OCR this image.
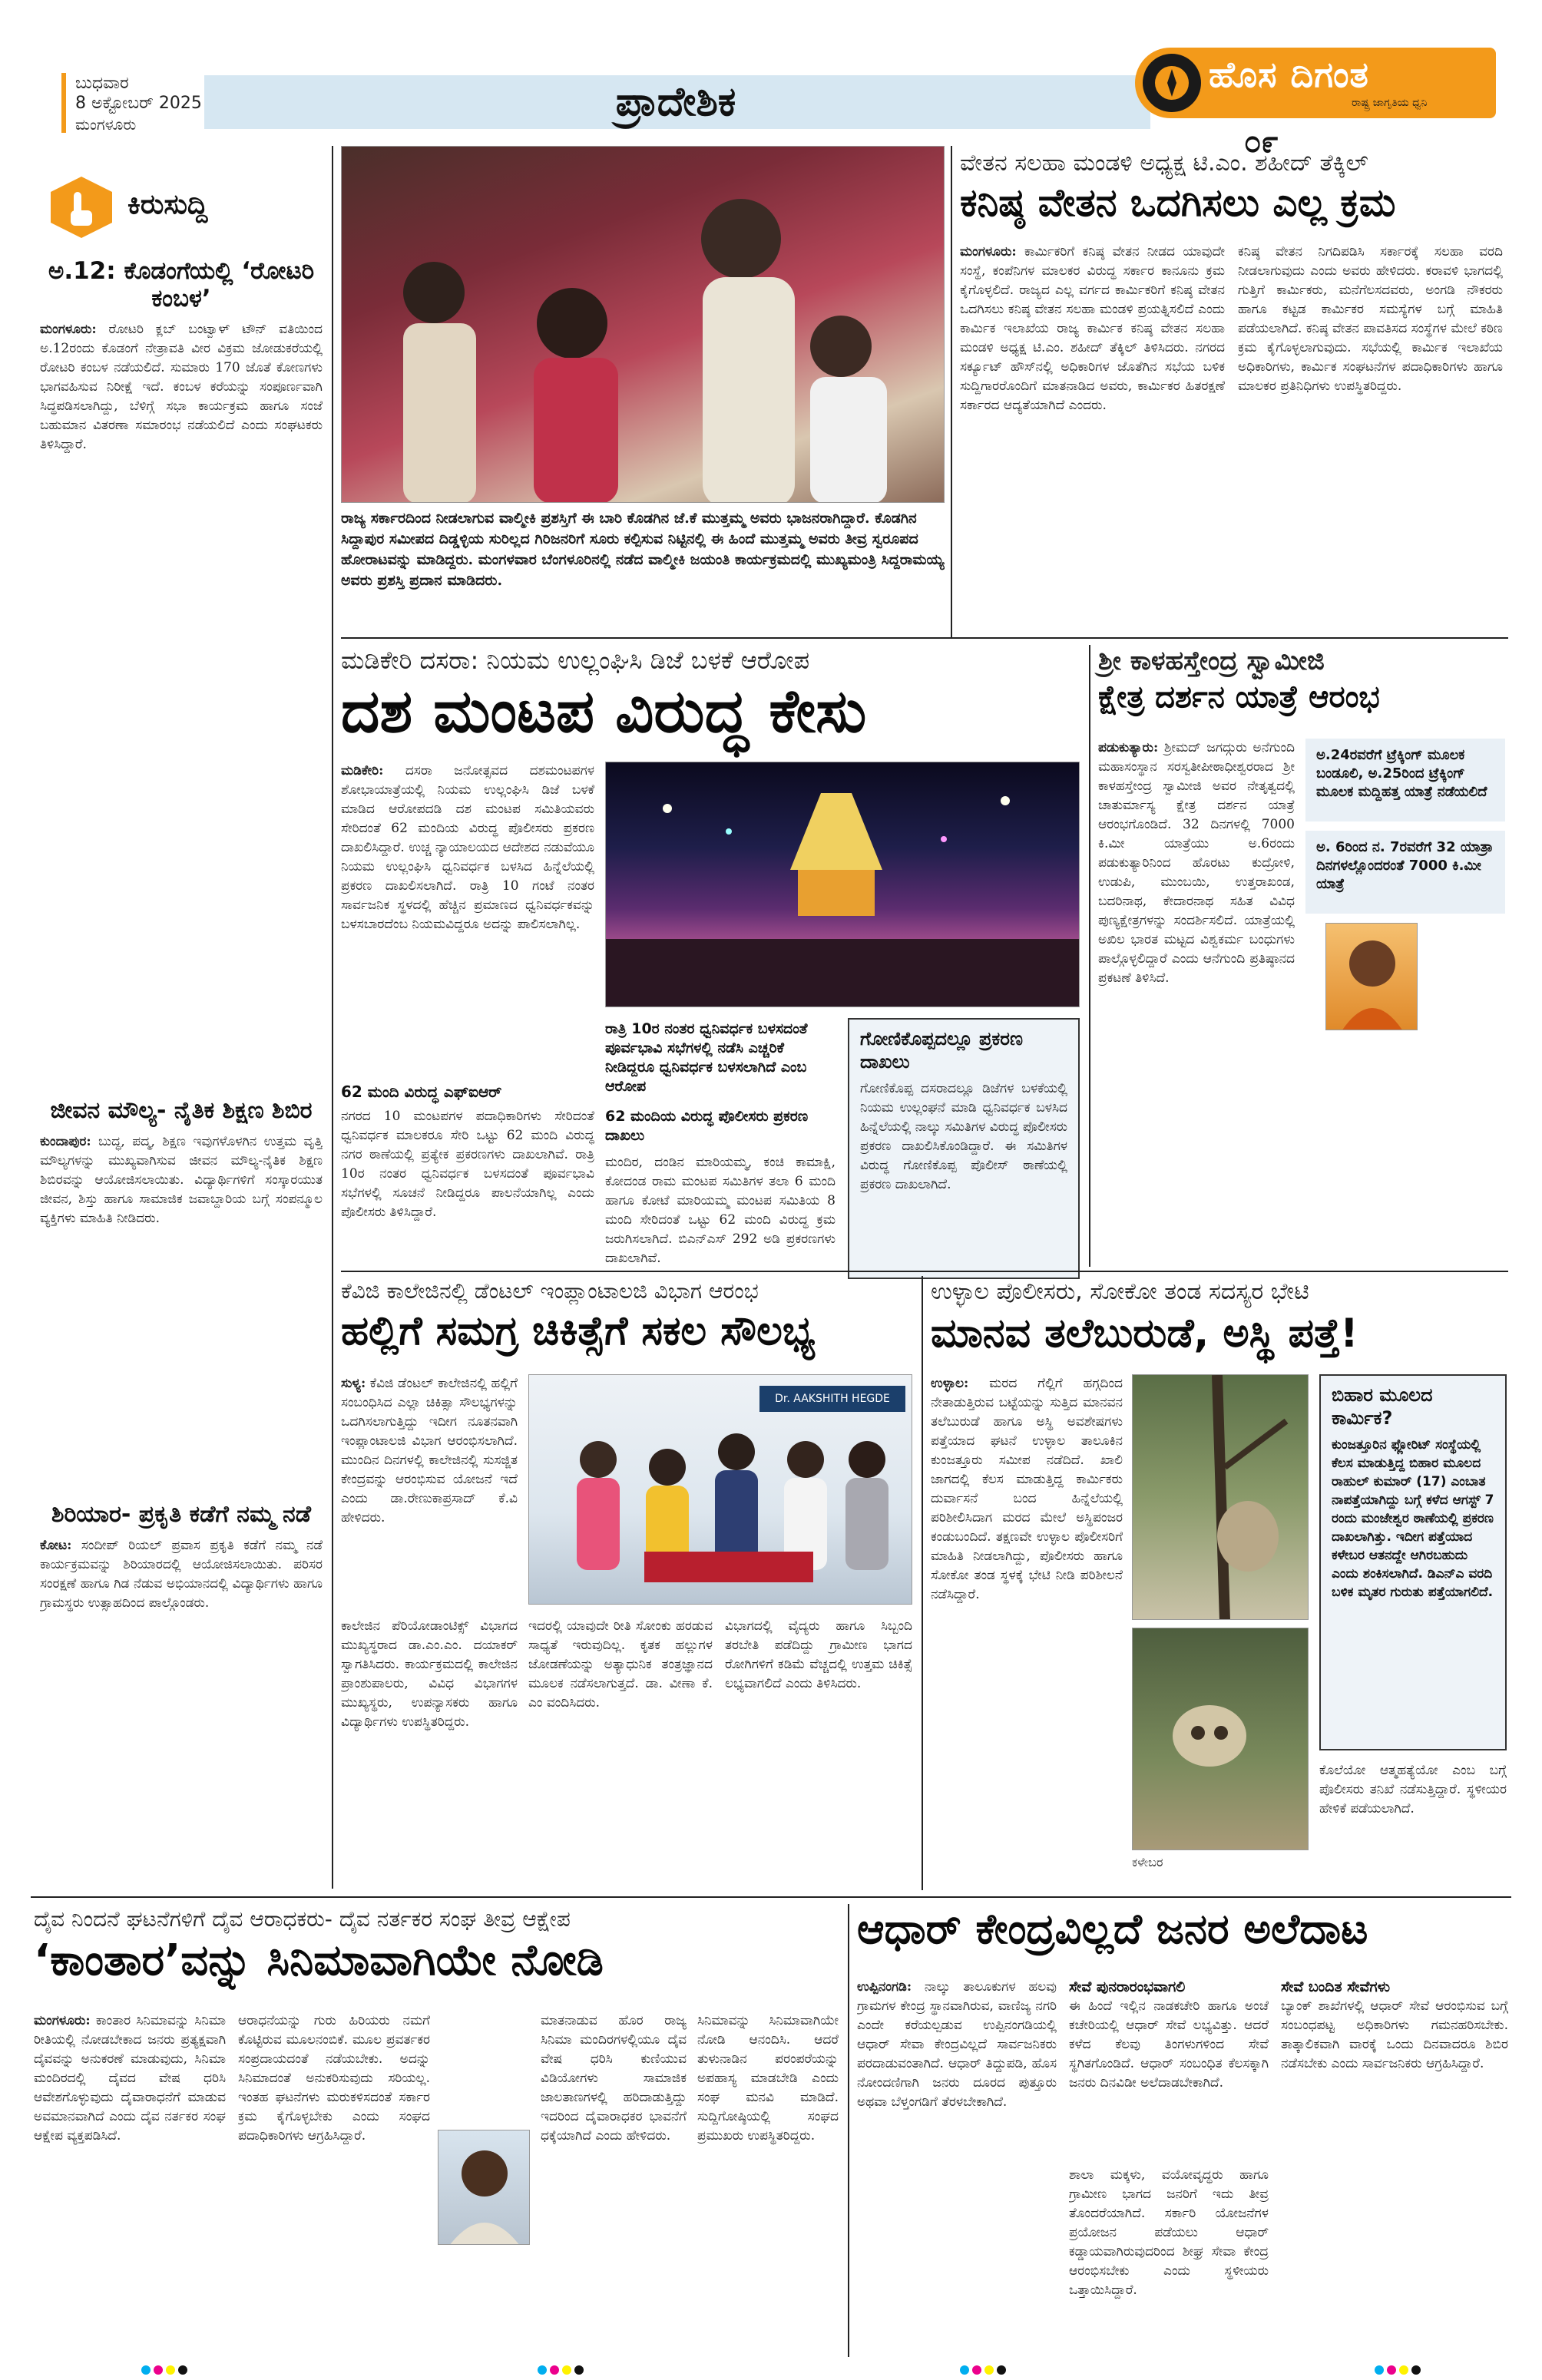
ಬುಧವಾರ
8 ಅಕ್ಟೋಬರ್ 2025
ಮಂಗಳೂರು	ಪ್ರಾದೇಶಿಕ
ಹೊಸ ದಿಗಂತ
ರಾಷ್ಟ್ರ ಜಾಗೃತಿಯ ಧ್ವನಿ
೦೯
ಕಿರುಸುದ್ದಿ
ಅ.12: ಕೊಡಂಗೆಯಲ್ಲಿ ‘ರೋಟರಿ ಕಂಬಳ’
ಮಂಗಳೂರು: ರೋಟರಿ ಕ್ಲಬ್ ಬಂಟ್ವಾಳ್ ಟೌನ್ ವತಿಯಿಂದ ಅ.12ರಂದು ಕೊಡಂಗೆ ನೇತ್ರಾವತಿ ವೀರ ವಿಕ್ರಮ ಜೋಡುಕರೆಯಲ್ಲಿ ರೋಟರಿ ಕಂಬಳ ನಡೆಯಲಿದೆ. ಸುಮಾರು 170 ಜೊತೆ ಕೋಣಗಳು ಭಾಗವಹಿಸುವ ನಿರೀಕ್ಷೆ ಇದೆ. ಕಂಬಳ ಕರೆಯನ್ನು ಸಂಪೂರ್ಣವಾಗಿ ಸಿದ್ಧಪಡಿಸಲಾಗಿದ್ದು, ಬೆಳಿಗ್ಗೆ ಸಭಾ ಕಾರ್ಯಕ್ರಮ ಹಾಗೂ ಸಂಜೆ ಬಹುಮಾನ ವಿತರಣಾ ಸಮಾರಂಭ ನಡೆಯಲಿದೆ ಎಂದು ಸಂಘಟಕರು ತಿಳಿಸಿದ್ದಾರೆ.
ಜೀವನ ಮೌಲ್ಯ- ನೈತಿಕ ಶಿಕ್ಷಣ ಶಿಬಿರ
ಕುಂದಾಪುರ: ಬುದ್ಧ, ಪದ್ಮ, ಶಿಕ್ಷಣ ಇವುಗಳೊಳಗಿನ ಉತ್ತಮ ವೃತ್ತಿ ಮೌಲ್ಯಗಳನ್ನು ಮುಖ್ಯವಾಗಿಸುವ ಜೀವನ ಮೌಲ್ಯ-ನೈತಿಕ ಶಿಕ್ಷಣ ಶಿಬಿರವನ್ನು ಆಯೋಜಿಸಲಾಯಿತು. ವಿದ್ಯಾರ್ಥಿಗಳಿಗೆ ಸಂಸ್ಕಾರಯುತ ಜೀವನ, ಶಿಸ್ತು ಹಾಗೂ ಸಾಮಾಜಿಕ ಜವಾಬ್ದಾರಿಯ ಬಗ್ಗೆ ಸಂಪನ್ಮೂಲ ವ್ಯಕ್ತಿಗಳು ಮಾಹಿತಿ ನೀಡಿದರು.
ಶಿರಿಯಾರ- ಪ್ರಕೃತಿ ಕಡೆಗೆ ನಮ್ಮ ನಡೆ
ಕೋಟ: ಸಂದೀಪ್ ರಿಯಲ್ ಪ್ರವಾಸ ಪ್ರಕೃತಿ ಕಡೆಗೆ ನಮ್ಮ ನಡೆ ಕಾರ್ಯಕ್ರಮವನ್ನು ಶಿರಿಯಾರದಲ್ಲಿ ಆಯೋಜಿಸಲಾಯಿತು. ಪರಿಸರ ಸಂರಕ್ಷಣೆ ಹಾಗೂ ಗಿಡ ನೆಡುವ ಅಭಿಯಾನದಲ್ಲಿ ವಿದ್ಯಾರ್ಥಿಗಳು ಹಾಗೂ ಗ್ರಾಮಸ್ಥರು ಉತ್ಸಾಹದಿಂದ ಪಾಲ್ಗೊಂಡರು.
ರಾಜ್ಯ ಸರ್ಕಾರದಿಂದ ನೀಡಲಾಗುವ ವಾಲ್ಮೀಕಿ ಪ್ರಶಸ್ತಿಗೆ ಈ ಬಾರಿ ಕೊಡಗಿನ ಜೆ.ಕೆ ಮುತ್ತಮ್ಮ ಅವರು ಭಾಜನರಾಗಿದ್ದಾರೆ. ಕೊಡಗಿನ ಸಿದ್ದಾಪುರ ಸಮೀಪದ ದಿಡ್ಡಳ್ಳಿಯ ಸುರಿಲ್ಲದ ಗಿರಿಜನರಿಗೆ ಸೂರು ಕಲ್ಪಿಸುವ ನಿಟ್ಟಿನಲ್ಲಿ ಈ ಹಿಂದೆ ಮುತ್ತಮ್ಮ ಅವರು ತೀವ್ರ ಸ್ವರೂಪದ ಹೋರಾಟವನ್ನು ಮಾಡಿದ್ದರು. ಮಂಗಳವಾರ ಬೆಂಗಳೂರಿನಲ್ಲಿ ನಡೆದ ವಾಲ್ಮೀಕಿ ಜಯಂತಿ ಕಾರ್ಯಕ್ರಮದಲ್ಲಿ ಮುಖ್ಯಮಂತ್ರಿ ಸಿದ್ದರಾಮಯ್ಯ ಅವರು ಪ್ರಶಸ್ತಿ ಪ್ರದಾನ ಮಾಡಿದರು.
ವೇತನ ಸಲಹಾ ಮಂಡಳಿ ಅಧ್ಯಕ್ಷ ಟಿ.ಎಂ. ಶಹೀದ್ ತೆಕ್ಕಿಲ್
ಕನಿಷ್ಠ ವೇತನ ಒದಗಿಸಲು ಎಲ್ಲ ಕ್ರಮ
ಮಂಗಳೂರು: ಕಾರ್ಮಿಕರಿಗೆ ಕನಿಷ್ಠ ವೇತನ ನೀಡದ ಯಾವುದೇ ಸಂಸ್ಥೆ, ಕಂಪೆನಿಗಳ ಮಾಲಕರ ವಿರುದ್ಧ ಸರ್ಕಾರ ಕಾನೂನು ಕ್ರಮ ಕೈಗೊಳ್ಳಲಿದೆ. ರಾಜ್ಯದ ಎಲ್ಲ ವರ್ಗದ ಕಾರ್ಮಿಕರಿಗೆ ಕನಿಷ್ಠ ವೇತನ ಒದಗಿಸಲು ಕನಿಷ್ಠ ವೇತನ ಸಲಹಾ ಮಂಡಳಿ ಪ್ರಯತ್ನಿಸಲಿದೆ ಎಂದು ಕಾರ್ಮಿಕ ಇಲಾಖೆಯ ರಾಜ್ಯ ಕಾರ್ಮಿಕ ಕನಿಷ್ಠ ವೇತನ ಸಲಹಾ ಮಂಡಳಿ ಅಧ್ಯಕ್ಷ ಟಿ.ಎಂ. ಶಹೀದ್ ತೆಕ್ಕಿಲ್ ತಿಳಿಸಿದರು. ನಗರದ ಸರ್ಕ್ಯೂಟ್ ಹೌಸ್‌ನಲ್ಲಿ ಅಧಿಕಾರಿಗಳ ಜೊತೆಗಿನ ಸಭೆಯ ಬಳಿಕ ಸುದ್ದಿಗಾರರೊಂದಿಗೆ ಮಾತನಾಡಿದ ಅವರು, ಕಾರ್ಮಿಕರ ಹಿತರಕ್ಷಣೆ ಸರ್ಕಾರದ ಆದ್ಯತೆಯಾಗಿದೆ ಎಂದರು.
ಕನಿಷ್ಠ ವೇತನ ನಿಗದಿಪಡಿಸಿ ಸರ್ಕಾರಕ್ಕೆ ಸಲಹಾ ವರದಿ ನೀಡಲಾಗುವುದು ಎಂದು ಅವರು ಹೇಳಿದರು. ಕರಾವಳಿ ಭಾಗದಲ್ಲಿ ಗುತ್ತಿಗೆ ಕಾರ್ಮಿಕರು, ಮನೆಗೆಲಸದವರು, ಅಂಗಡಿ ನೌಕರರು ಹಾಗೂ ಕಟ್ಟಡ ಕಾರ್ಮಿಕರ ಸಮಸ್ಯೆಗಳ ಬಗ್ಗೆ ಮಾಹಿತಿ ಪಡೆಯಲಾಗಿದೆ. ಕನಿಷ್ಠ ವೇತನ ಪಾವತಿಸದ ಸಂಸ್ಥೆಗಳ ಮೇಲೆ ಕಠಿಣ ಕ್ರಮ ಕೈಗೊಳ್ಳಲಾಗುವುದು. ಸಭೆಯಲ್ಲಿ ಕಾರ್ಮಿಕ ಇಲಾಖೆಯ ಅಧಿಕಾರಿಗಳು, ಕಾರ್ಮಿಕ ಸಂಘಟನೆಗಳ ಪದಾಧಿಕಾರಿಗಳು ಹಾಗೂ ಮಾಲಕರ ಪ್ರತಿನಿಧಿಗಳು ಉಪಸ್ಥಿತರಿದ್ದರು.
ಮಡಿಕೇರಿ ದಸರಾ: ನಿಯಮ ಉಲ್ಲಂಘಿಸಿ ಡಿಜೆ ಬಳಕೆ ಆರೋಪ
ದಶ ಮಂಟಪ ವಿರುದ್ಧ ಕೇಸು
ಮಡಿಕೇರಿ: ದಸರಾ ಜನೋತ್ಸವದ ದಶಮಂಟಪಗಳ ಶೋಭಾಯಾತ್ರೆಯಲ್ಲಿ ನಿಯಮ ಉಲ್ಲಂಘಿಸಿ ಡಿಜೆ ಬಳಕೆ ಮಾಡಿದ ಆರೋಪದಡಿ ದಶ ಮಂಟಪ ಸಮಿತಿಯವರು ಸೇರಿದಂತೆ 62 ಮಂದಿಯ ವಿರುದ್ಧ ಪೊಲೀಸರು ಪ್ರಕರಣ ದಾಖಲಿಸಿದ್ದಾರೆ. ಉಚ್ಚ ನ್ಯಾಯಾಲಯದ ಆದೇಶದ ನಡುವೆಯೂ ನಿಯಮ ಉಲ್ಲಂಘಿಸಿ ಧ್ವನಿವರ್ಧಕ ಬಳಸಿದ ಹಿನ್ನೆಲೆಯಲ್ಲಿ ಪ್ರಕರಣ ದಾಖಲಿಸಲಾಗಿದೆ. ರಾತ್ರಿ 10 ಗಂಟೆ ನಂತರ ಸಾರ್ವಜನಿಕ ಸ್ಥಳದಲ್ಲಿ ಹೆಚ್ಚಿನ ಪ್ರಮಾಣದ ಧ್ವನಿವರ್ಧಕವನ್ನು ಬಳಸಬಾರದೆಂಬ ನಿಯಮವಿದ್ದರೂ ಅದನ್ನು ಪಾಲಿಸಲಾಗಿಲ್ಲ.
62 ಮಂದಿ ವಿರುದ್ಧ ಎಫ್‌ಐಆರ್
ನಗರದ 10 ಮಂಟಪಗಳ ಪದಾಧಿಕಾರಿಗಳು ಸೇರಿದಂತೆ ಧ್ವನಿವರ್ಧಕ ಮಾಲಕರೂ ಸೇರಿ ಒಟ್ಟು 62 ಮಂದಿ ವಿರುದ್ಧ ನಗರ ಠಾಣೆಯಲ್ಲಿ ಪ್ರತ್ಯೇಕ ಪ್ರಕರಣಗಳು ದಾಖಲಾಗಿವೆ. ರಾತ್ರಿ 10ರ ನಂತರ ಧ್ವನಿವರ್ಧಕ ಬಳಸದಂತೆ ಪೂರ್ವಭಾವಿ ಸಭೆಗಳಲ್ಲಿ ಸೂಚನೆ ನೀಡಿದ್ದರೂ ಪಾಲನೆಯಾಗಿಲ್ಲ ಎಂದು ಪೊಲೀಸರು ತಿಳಿಸಿದ್ದಾರೆ.
ರಾತ್ರಿ 10ರ ನಂತರ ಧ್ವನಿವರ್ಧಕ ಬಳಸದಂತೆ ಪೂರ್ವಭಾವಿ ಸಭೆಗಳಲ್ಲಿ ನಡೆಸಿ ಎಚ್ಚರಿಕೆ ನೀಡಿದ್ದರೂ ಧ್ವನಿವರ್ಧಕ ಬಳಸಲಾಗಿದೆ ಎಂಬ ಆರೋಪ
62 ಮಂದಿಯ ವಿರುದ್ಧ ಪೊಲೀಸರು ಪ್ರಕರಣ ದಾಖಲು
ಗೋಣಿಕೊಪ್ಪದಲ್ಲೂ ಪ್ರಕರಣ ದಾಖಲು
ಗೋಣಿಕೊಪ್ಪ ದಸರಾದಲ್ಲೂ ಡಿಜೆಗಳ ಬಳಕೆಯಲ್ಲಿ ನಿಯಮ ಉಲ್ಲಂಘನೆ ಮಾಡಿ ಧ್ವನಿವರ್ಧಕ ಬಳಸಿದ ಹಿನ್ನೆಲೆಯಲ್ಲಿ ನಾಲ್ಕು ಸಮಿತಿಗಳ ವಿರುದ್ಧ ಪೊಲೀಸರು ಪ್ರಕರಣ ದಾಖಲಿಸಿಕೊಂಡಿದ್ದಾರೆ. ಈ ಸಮಿತಿಗಳ ವಿರುದ್ಧ ಗೋಣಿಕೊಪ್ಪ ಪೊಲೀಸ್ ಠಾಣೆಯಲ್ಲಿ ಪ್ರಕರಣ ದಾಖಲಾಗಿದೆ.
ಮಂದಿರ, ದಂಡಿನ ಮಾರಿಯಮ್ಮ, ಕಂಚಿ ಕಾಮಾಕ್ಷಿ, ಕೋದಂಡ ರಾಮ ಮಂಟಪ ಸಮಿತಿಗಳ ತಲಾ 6 ಮಂದಿ ಹಾಗೂ ಕೋಟೆ ಮಾರಿಯಮ್ಮ ಮಂಟಪ ಸಮಿತಿಯ 8 ಮಂದಿ ಸೇರಿದಂತೆ ಒಟ್ಟು 62 ಮಂದಿ ವಿರುದ್ಧ ಕ್ರಮ ಜರುಗಿಸಲಾಗಿದೆ. ಬಿಎನ್‌ಎಸ್ 292 ಅಡಿ ಪ್ರಕರಣಗಳು ದಾಖಲಾಗಿವೆ.
ಶ್ರೀ ಕಾಳಹಸ್ತೇಂದ್ರ ಸ್ವಾಮೀಜಿ
ಕ್ಷೇತ್ರ ದರ್ಶನ ಯಾತ್ರೆ ಆರಂಭ
ಪಡುಕುತ್ಯಾರು: ಶ್ರೀಮದ್ ಜಗದ್ಗುರು ಅನೆಗುಂದಿ ಮಹಾಸಂಸ್ಥಾನ ಸರಸ್ವತೀಪೀಠಾಧೀಶ್ವರರಾದ ಶ್ರೀ ಕಾಳಹಸ್ತೇಂದ್ರ ಸ್ವಾಮೀಜಿ ಅವರ ನೇತೃತ್ವದಲ್ಲಿ ಚಾತುರ್ಮಾಸ್ಯ ಕ್ಷೇತ್ರ ದರ್ಶನ ಯಾತ್ರೆ ಆರಂಭಗೊಂಡಿದೆ. 32 ದಿನಗಳಲ್ಲಿ 7000 ಕಿ.ಮೀ ಯಾತ್ರೆಯು ಅ.6ರಂದು ಪಡುಕುತ್ಯಾರಿನಿಂದ ಹೊರಟು ಕುದ್ರೋಳಿ, ಉಡುಪಿ, ಮುಂಬಯಿ, ಉತ್ತರಾಖಂಡ, ಬದರಿನಾಥ, ಕೇದಾರನಾಥ ಸಹಿತ ವಿವಿಧ ಪುಣ್ಯಕ್ಷೇತ್ರಗಳನ್ನು ಸಂದರ್ಶಿಸಲಿದೆ. ಯಾತ್ರೆಯಲ್ಲಿ ಅಖಿಲ ಭಾರತ ಮಟ್ಟದ ವಿಶ್ವಕರ್ಮ ಬಂಧುಗಳು ಪಾಲ್ಗೊಳ್ಳಲಿದ್ದಾರೆ ಎಂದು ಆನೆಗುಂದಿ ಪ್ರತಿಷ್ಠಾನದ ಪ್ರಕಟಣೆ ತಿಳಿಸಿದೆ.
ಅ.24ರವರೆಗೆ ಟ್ರೆಕ್ಕಿಂಗ್ ಮೂಲಕ ಬಂಡೂಲಿ, ಅ.25ರಿಂದ ಟ್ರೆಕ್ಕಿಂಗ್ ಮೂಲಕ ಮದ್ದಿಹತ್ತ ಯಾತ್ರೆ ನಡೆಯಲಿದೆ
ಅ. 6ರಿಂದ ನ. 7ರವರೆಗೆ 32 ಯಾತ್ರಾ ದಿನಗಳಲ್ಲೊಂದರಂತೆ 7000 ಕಿ.ಮೀ ಯಾತ್ರೆ
ಕೆವಿಜಿ ಕಾಲೇಜಿನಲ್ಲಿ ಡೆಂಟಲ್ ಇಂಪ್ಲಾಂಟಾಲಜಿ ವಿಭಾಗ ಆರಂಭ
ಹಲ್ಲಿಗೆ ಸಮಗ್ರ ಚಿಕಿತ್ಸೆಗೆ ಸಕಲ ಸೌಲಭ್ಯ
ಸುಳ್ಯ: ಕೆವಿಜಿ ಡೆಂಟಲ್ ಕಾಲೇಜಿನಲ್ಲಿ ಹಲ್ಲಿಗೆ ಸಂಬಂಧಿಸಿದ ಎಲ್ಲಾ ಚಿಕಿತ್ಸಾ ಸೌಲಭ್ಯಗಳನ್ನು ಒದಗಿಸಲಾಗುತ್ತಿದ್ದು ಇದೀಗ ನೂತನವಾಗಿ ಇಂಪ್ಲಾಂಟಾಲಜಿ ವಿಭಾಗ ಆರಂಭಿಸಲಾಗಿದೆ. ಮುಂದಿನ ದಿನಗಳಲ್ಲಿ ಕಾಲೇಜಿನಲ್ಲಿ ಸುಸಜ್ಜಿತ ಕೇಂದ್ರವನ್ನು ಆರಂಭಿಸುವ ಯೋಜನೆ ಇದೆ ಎಂದು ಡಾ.ರೇಣುಕಾಪ್ರಸಾದ್ ಕೆ.ವಿ ಹೇಳಿದರು.
Dr. AAKSHITH HEGDE
ಕಾಲೇಜಿನ ಪೆರಿಯೋಡಾಂಟಿಕ್ಸ್ ವಿಭಾಗದ ಮುಖ್ಯಸ್ಥರಾದ ಡಾ.ಎಂ.ಎಂ. ದಯಾಕರ್ ಸ್ವಾಗತಿಸಿದರು. ಕಾರ್ಯಕ್ರಮದಲ್ಲಿ ಕಾಲೇಜಿನ ಪ್ರಾಂಶುಪಾಲರು, ವಿವಿಧ ವಿಭಾಗಗಳ ಮುಖ್ಯಸ್ಥರು, ಉಪನ್ಯಾಸಕರು ಹಾಗೂ ವಿದ್ಯಾರ್ಥಿಗಳು ಉಪಸ್ಥಿತರಿದ್ದರು.
ಇದರಲ್ಲಿ ಯಾವುದೇ ರೀತಿ ಸೋಂಕು ಹರಡುವ ಸಾಧ್ಯತೆ ಇರುವುದಿಲ್ಲ. ಕೃತಕ ಹಲ್ಲುಗಳ ಜೋಡಣೆಯನ್ನು ಅತ್ಯಾಧುನಿಕ ತಂತ್ರಜ್ಞಾನದ ಮೂಲಕ ನಡೆಸಲಾಗುತ್ತದೆ. ಡಾ. ವೀಣಾ ಕೆ. ಎಂ ವಂದಿಸಿದರು.
ವಿಭಾಗದಲ್ಲಿ ವೈದ್ಯರು ಹಾಗೂ ಸಿಬ್ಬಂದಿ ತರಬೇತಿ ಪಡೆದಿದ್ದು ಗ್ರಾಮೀಣ ಭಾಗದ ರೋಗಿಗಳಿಗೆ ಕಡಿಮೆ ವೆಚ್ಚದಲ್ಲಿ ಉತ್ತಮ ಚಿಕಿತ್ಸೆ ಲಭ್ಯವಾಗಲಿದೆ ಎಂದು ತಿಳಿಸಿದರು.
ಉಳ್ಳಾಲ ಪೊಲೀಸರು, ಸೋಕೋ ತಂಡ ಸದಸ್ಯರ ಭೇಟಿ
ಮಾನವ ತಲೆಬುರುಡೆ, ಅಸ್ಥಿ ಪತ್ತೆ!
ಉಳ್ಳಾಲ: ಮರದ ಗೆಲ್ಲಿಗೆ ಹಗ್ಗದಿಂದ ನೇತಾಡುತ್ತಿರುವ ಬಟ್ಟೆಯನ್ನು ಸುತ್ತಿದ ಮಾನವನ ತಲೆಬುರುಡೆ ಹಾಗೂ ಅಸ್ಥಿ ಅವಶೇಷಗಳು ಪತ್ತೆಯಾದ ಘಟನೆ ಉಳ್ಳಾಲ ತಾಲೂಕಿನ ಕುಂಜತ್ತೂರು ಸಮೀಪ ನಡೆದಿದೆ. ಖಾಲಿ ಜಾಗದಲ್ಲಿ ಕೆಲಸ ಮಾಡುತ್ತಿದ್ದ ಕಾರ್ಮಿಕರು ದುರ್ವಾಸನೆ ಬಂದ ಹಿನ್ನೆಲೆಯಲ್ಲಿ ಪರಿಶೀಲಿಸಿದಾಗ ಮರದ ಮೇಲೆ ಅಸ್ಥಿಪಂಜರ ಕಂಡುಬಂದಿದೆ. ತಕ್ಷಣವೇ ಉಳ್ಳಾಲ ಪೊಲೀಸರಿಗೆ ಮಾಹಿತಿ ನೀಡಲಾಗಿದ್ದು, ಪೊಲೀಸರು ಹಾಗೂ ಸೋಕೋ ತಂಡ ಸ್ಥಳಕ್ಕೆ ಭೇಟಿ ನೀಡಿ ಪರಿಶೀಲನೆ ನಡೆಸಿದ್ದಾರೆ.
ಕಳೇಬರ
ಬಿಹಾರ ಮೂಲದ ಕಾರ್ಮಿಕ?
ಕುಂಜತ್ತೂರಿನ ಫ್ಲೋರಿಟ್ ಸಂಸ್ಥೆಯಲ್ಲಿ ಕೆಲಸ ಮಾಡುತ್ತಿದ್ದ ಬಿಹಾರ ಮೂಲದ ರಾಹುಲ್ ಕುಮಾರ್ (17) ಎಂಬಾತ ನಾಪತ್ತೆಯಾಗಿದ್ದು ಬಗ್ಗೆ ಕಳೆದ ಆಗಸ್ಟ್ 7 ರಂದು ಮಂಜೇಶ್ವರ ಠಾಣೆಯಲ್ಲಿ ಪ್ರಕರಣ ದಾಖಲಾಗಿತ್ತು. ಇದೀಗ ಪತ್ತೆಯಾದ ಕಳೇಬರ ಆತನದ್ದೇ ಆಗಿರಬಹುದು ಎಂದು ಶಂಕಿಸಲಾಗಿದೆ. ಡಿಎನ್‌ಎ ವರದಿ ಬಳಿಕ ಮೃತರ ಗುರುತು ಪತ್ತೆಯಾಗಲಿದೆ.
ಕೊಲೆಯೋ ಆತ್ಮಹತ್ಯೆಯೋ ಎಂಬ ಬಗ್ಗೆ ಪೊಲೀಸರು ತನಿಖೆ ನಡೆಸುತ್ತಿದ್ದಾರೆ. ಸ್ಥಳೀಯರ ಹೇಳಿಕೆ ಪಡೆಯಲಾಗಿದೆ.
ದೈವ ನಿಂದನೆ ಘಟನೆಗಳಿಗೆ ದೈವ ಆರಾಧಕರು- ದೈವ ನರ್ತಕರ ಸಂಘ ತೀವ್ರ ಆಕ್ಷೇಪ
‘ಕಾಂತಾರ’ವನ್ನು ಸಿನಿಮಾವಾಗಿಯೇ ನೋಡಿ
ಮಂಗಳೂರು: ಕಾಂತಾರ ಸಿನಿಮಾವನ್ನು ಸಿನಿಮಾ ರೀತಿಯಲ್ಲಿ ನೋಡಬೇಕಾದ ಜನರು ಪ್ರತ್ಯಕ್ಷವಾಗಿ ದೈವವನ್ನು ಅನುಕರಣೆ ಮಾಡುವುದು, ಸಿನಿಮಾ ಮಂದಿರದಲ್ಲಿ ದೈವದ ವೇಷ ಧರಿಸಿ ಆವೇಶಗೊಳ್ಳುವುದು ದೈವಾರಾಧನೆಗೆ ಮಾಡುವ ಅವಮಾನವಾಗಿದೆ ಎಂದು ದೈವ ನರ್ತಕರ ಸಂಘ ಆಕ್ಷೇಪ ವ್ಯಕ್ತಪಡಿಸಿದೆ.
ಆರಾಧನೆಯನ್ನು ಗುರು ಹಿರಿಯರು ನಮಗೆ ಕೊಟ್ಟಿರುವ ಮೂಲನಂಬಿಕೆ. ಮೂಲ ಪ್ರವರ್ತಕರ ಸಂಪ್ರದಾಯದಂತೆ ನಡೆಯಬೇಕು. ಅದನ್ನು ಸಿನಿಮಾದಂತೆ ಅನುಕರಿಸುವುದು ಸರಿಯಲ್ಲ. ಇಂತಹ ಘಟನೆಗಳು ಮರುಕಳಿಸದಂತೆ ಸರ್ಕಾರ ಕ್ರಮ ಕೈಗೊಳ್ಳಬೇಕು ಎಂದು ಸಂಘದ ಪದಾಧಿಕಾರಿಗಳು ಆಗ್ರಹಿಸಿದ್ದಾರೆ.
ಮಾತನಾಡುವ ಹೊರ ರಾಜ್ಯ ಸಿನಿಮಾ ಮಂದಿರಗಳಲ್ಲಿಯೂ ದೈವ ವೇಷ ಧರಿಸಿ ಕುಣಿಯುವ ವಿಡಿಯೋಗಳು ಸಾಮಾಜಿಕ ಜಾಲತಾಣಗಳಲ್ಲಿ ಹರಿದಾಡುತ್ತಿದ್ದು ಇದರಿಂದ ದೈವಾರಾಧಕರ ಭಾವನೆಗೆ ಧಕ್ಕೆಯಾಗಿದೆ ಎಂದು ಹೇಳಿದರು.
ಸಿನಿಮಾವನ್ನು ಸಿನಿಮಾವಾಗಿಯೇ ನೋಡಿ ಆನಂದಿಸಿ. ಆದರೆ ತುಳುನಾಡಿನ ಪರಂಪರೆಯನ್ನು ಅಪಹಾಸ್ಯ ಮಾಡಬೇಡಿ ಎಂದು ಸಂಘ ಮನವಿ ಮಾಡಿದೆ. ಸುದ್ದಿಗೋಷ್ಠಿಯಲ್ಲಿ ಸಂಘದ ಪ್ರಮುಖರು ಉಪಸ್ಥಿತರಿದ್ದರು.
ಆಧಾರ್ ಕೇಂದ್ರವಿಲ್ಲದೆ ಜನರ ಅಲೆದಾಟ
ಉಪ್ಪಿನಂಗಡಿ: ನಾಲ್ಕು ತಾಲೂಕುಗಳ ಹಲವು ಗ್ರಾಮಗಳ ಕೇಂದ್ರ ಸ್ಥಾನವಾಗಿರುವ, ವಾಣಿಜ್ಯ ನಗರಿ ಎಂದೇ ಕರೆಯಲ್ಪಡುವ ಉಪ್ಪಿನಂಗಡಿಯಲ್ಲಿ ಆಧಾರ್ ಸೇವಾ ಕೇಂದ್ರವಿಲ್ಲದೆ ಸಾರ್ವಜನಿಕರು ಪರದಾಡುವಂತಾಗಿದೆ. ಆಧಾರ್ ತಿದ್ದುಪಡಿ, ಹೊಸ ನೋಂದಣಿಗಾಗಿ ಜನರು ದೂರದ ಪುತ್ತೂರು ಅಥವಾ ಬೆಳ್ತಂಗಡಿಗೆ ತೆರಳಬೇಕಾಗಿದೆ.
ಸೇವೆ ಪುನರಾರಂಭವಾಗಲಿ
ಈ ಹಿಂದೆ ಇಲ್ಲಿನ ನಾಡಕಚೇರಿ ಹಾಗೂ ಅಂಚೆ ಕಚೇರಿಯಲ್ಲಿ ಆಧಾರ್ ಸೇವೆ ಲಭ್ಯವಿತ್ತು. ಆದರೆ ಕಳೆದ ಕೆಲವು ತಿಂಗಳುಗಳಿಂದ ಸೇವೆ ಸ್ಥಗಿತಗೊಂಡಿದೆ. ಆಧಾರ್ ಸಂಬಂಧಿತ ಕೆಲಸಕ್ಕಾಗಿ ಜನರು ದಿನವಿಡೀ ಅಲೆದಾಡಬೇಕಾಗಿದೆ.
ಶಾಲಾ ಮಕ್ಕಳು, ವಯೋವೃದ್ಧರು ಹಾಗೂ ಗ್ರಾಮೀಣ ಭಾಗದ ಜನರಿಗೆ ಇದು ತೀವ್ರ ತೊಂದರೆಯಾಗಿದೆ. ಸರ್ಕಾರಿ ಯೋಜನೆಗಳ ಪ್ರಯೋಜನ ಪಡೆಯಲು ಆಧಾರ್ ಕಡ್ಡಾಯವಾಗಿರುವುದರಿಂದ ಶೀಘ್ರ ಸೇವಾ ಕೇಂದ್ರ ಆರಂಭಿಸಬೇಕು ಎಂದು ಸ್ಥಳೀಯರು ಒತ್ತಾಯಿಸಿದ್ದಾರೆ.
ಸೇವೆ ಬಂದಿತ ಸೇವೆಗಳು
ಬ್ಯಾಂಕ್ ಶಾಖೆಗಳಲ್ಲಿ ಆಧಾರ್ ಸೇವೆ ಆರಂಭಿಸುವ ಬಗ್ಗೆ ಸಂಬಂಧಪಟ್ಟ ಅಧಿಕಾರಿಗಳು ಗಮನಹರಿಸಬೇಕು. ತಾತ್ಕಾಲಿಕವಾಗಿ ವಾರಕ್ಕೆ ಒಂದು ದಿನವಾದರೂ ಶಿಬಿರ ನಡೆಸಬೇಕು ಎಂದು ಸಾರ್ವಜನಿಕರು ಆಗ್ರಹಿಸಿದ್ದಾರೆ.
